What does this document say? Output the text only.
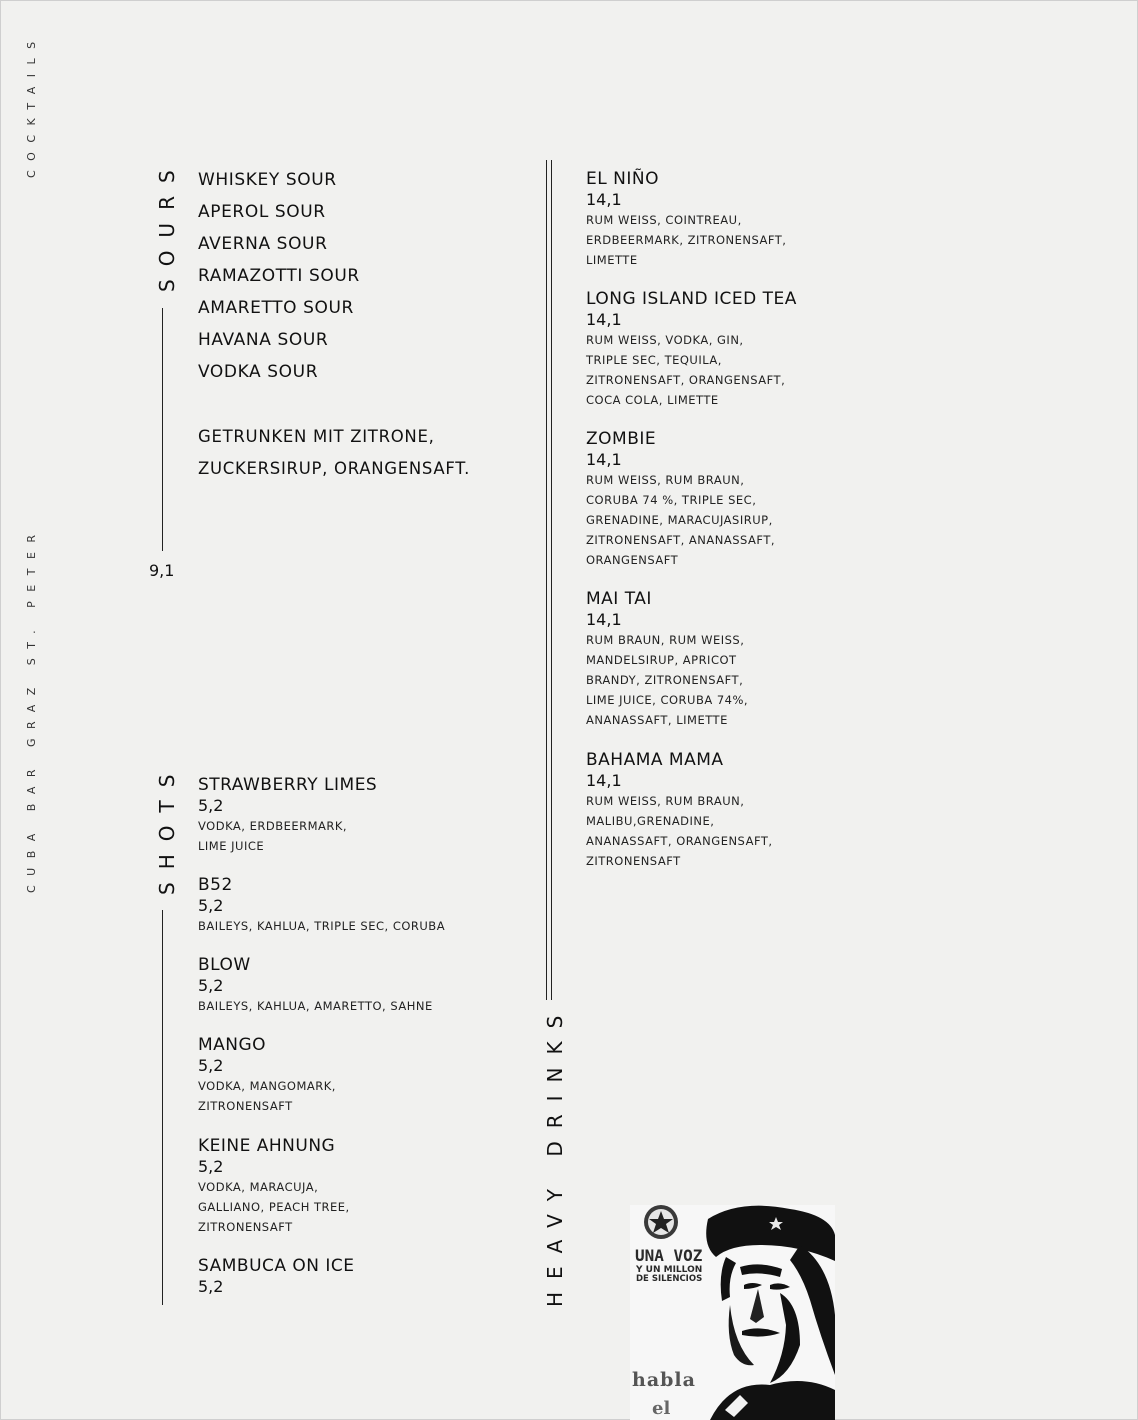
COCKTAILS
CUBA BAR GRAZ ST. PETER
SOURS
9,1
WHISKEY SOUR
APEROL SOUR
AVERNA SOUR
RAMAZOTTI SOUR
AMARETTO SOUR
HAVANA SOUR
VODKA SOUR
GETRUNKEN MIT ZITRONE,
ZUCKERSIRUP, ORANGENSAFT.
SHOTS STRAWBERRY LIMES
5,2
VODKA, ERDBEERMARK,
LIME JUICE
B52
5,2
BAILEYS, KAHLUA, TRIPLE SEC, CORUBA
BLOW
5,2
BAILEYS, KAHLUA, AMARETTO, SAHNE
MANGO
5,2
VODKA, MANGOMARK,
ZITRONENSAFT
KEINE AHNUNG
5,2
VODKA, MARACUJA,
GALLIANO, PEACH TREE,
ZITRONENSAFT
SAMBUCA ON ICE
5,2	HEAVY DRINKS
EL NIÑO
14,1
RUM WEISS, COINTREAU,
ERDBEERMARK, ZITRONENSAFT,
LIMETTE
LONG ISLAND ICED TEA
14,1
RUM WEISS, VODKA, GIN,
TRIPLE SEC, TEQUILA,
ZITRONENSAFT, ORANGENSAFT,
COCA COLA, LIMETTE
ZOMBIE
14,1
RUM WEISS, RUM BRAUN,
CORUBA 74 %, TRIPLE SEC,
GRENADINE, MARACUJASIRUP,
ZITRONENSAFT, ANANASSAFT,
ORANGENSAFT
MAI TAI
14,1
RUM BRAUN, RUM WEISS,
MANDELSIRUP, APRICOT
BRANDY, ZITRONENSAFT,
LIME JUICE, CORUBA 74%,
ANANASSAFT, LIMETTE
BAHAMA MAMA
14,1
RUM WEISS, RUM BRAUN,
MALIBU,GRENADINE,
ANANASSAFT, ORANGENSAFT,
ZITRONENSAFT
UNA VOZ
Y UN MILLON
DE SILENCIOS
habla
el
